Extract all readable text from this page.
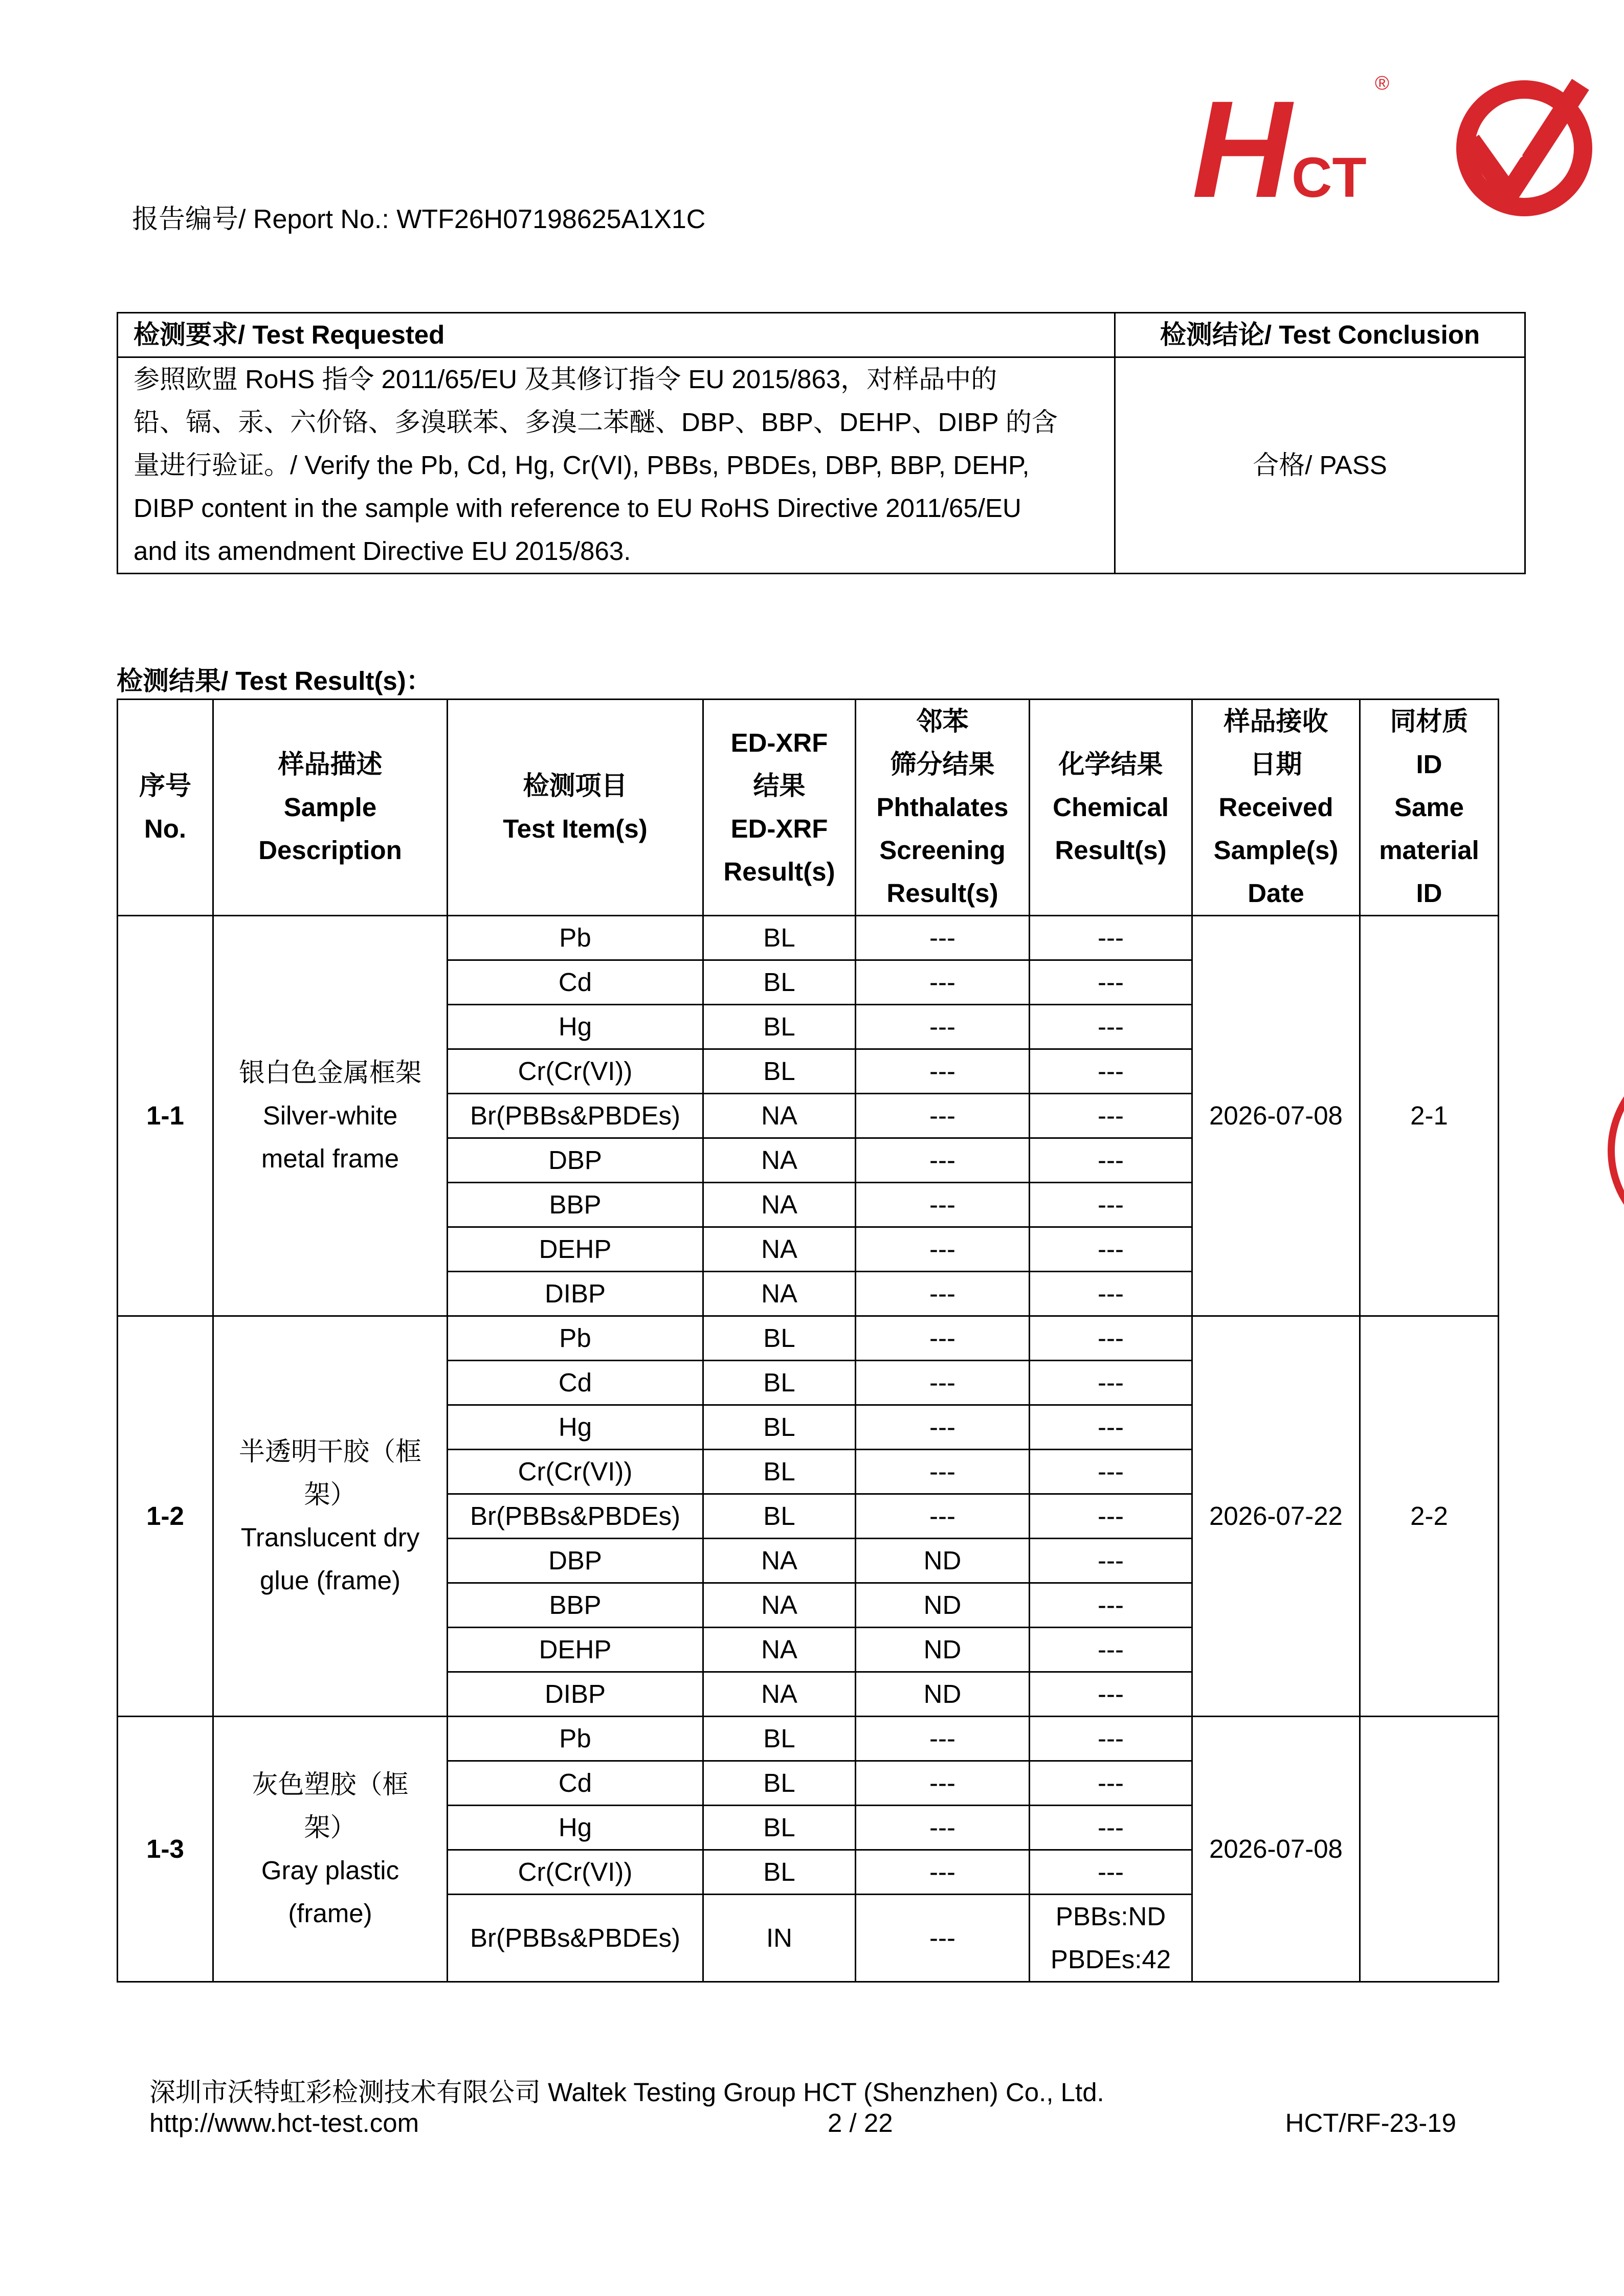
报告编号/ Report No.: WTF26H07198625A1X1C	HCT
®
检测要求/ Test Requested	检测结论/ Test Conclusion

参照欧盟 RoHS 指令 2011/65/EU 及其修订指令 EU 2015/863，对样品中的
铅、镉、汞、六价铬、多溴联苯、多溴二苯醚、DBP、BBP、DEHP、DIBP 的含
量进行验证。/ Verify the Pb, Cd, Hg, Cr(VI), PBBs, PBDEs, DBP, BBP, DEHP,
DIBP content in the sample with reference to EU RoHS Directive 2011/65/EU
and its amendment Directive EU 2015/863.	合格/ PASS
检测结果/ Test Result(s)：
序号
No.	样品描述
Sample
Description	检测项目
Test Item(s)	ED-XRF
结果
ED-XRF
Result(s)	邻苯
筛分结果
Phthalates
Screening
Result(s)	化学结果
Chemical
Result(s)	样品接收
日期
Received
Sample(s)
Date	同材质
ID
Same
material
ID

1-1	银白色金属框架
Silver-white
metal frame	Pb	BL	---	---	2026-07-08	2-1
		Cd	BL	---	---		
		Hg	BL	---	---		
		Cr(Cr(VI))	BL	---	---		
		Br(PBBs&PBDEs)	NA	---	---		
		DBP	NA	---	---		
		BBP	NA	---	---		
		DEHP	NA	---	---		
		DIBP	NA	---	---		
1-2	半透明干胶（框
架）
Translucent dry
glue (frame)	Pb	BL	---	---	2026-07-22	2-2
		Cd	BL	---	---		
		Hg	BL	---	---		
		Cr(Cr(VI))	BL	---	---		
		Br(PBBs&PBDEs)	BL	---	---		
		DBP	NA	ND	---		
		BBP	NA	ND	---		
		DEHP	NA	ND	---		
		DIBP	NA	ND	---		
1-3	灰色塑胶（框
架）
Gray plastic
(frame)	Pb	BL	---	---	2026-07-08	
		Cd	BL	---	---		
		Hg	BL	---	---		
		Cr(Cr(VI))	BL	---	---		
		Br(PBBs&PBDEs)	IN	---	PBBs:ND
PBDEs:42		
深圳市沃特虹彩检测技术有限公司 Waltek Testing Group HCT (Shenzhen) Co., Ltd.
http://www.hct-test.com	2 / 22	HCT/RF-23-19
